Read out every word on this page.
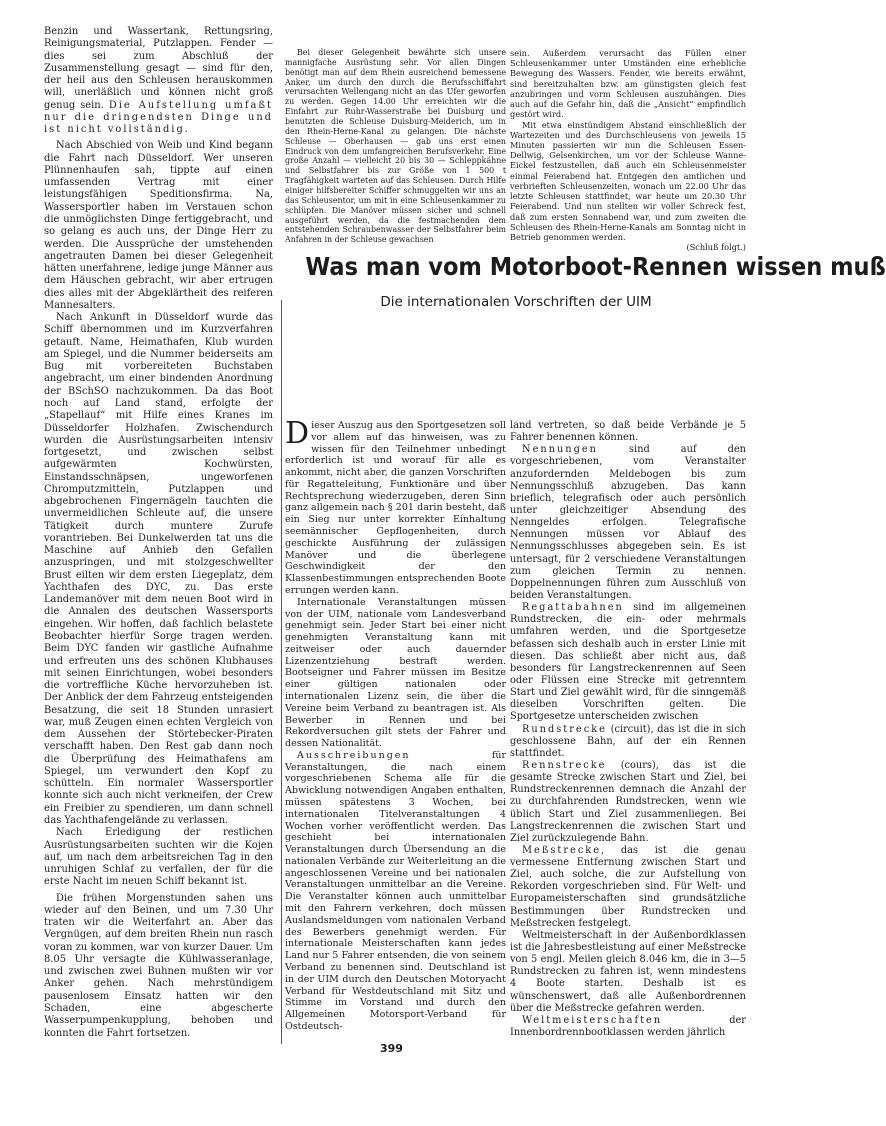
Benzin und Wassertank, Rettungsring, Reinigungsmaterial, Putzlappen. Fender — dies sei zum Abschluß der Zusammenstellung gesagt — sind für den, der heil aus den Schleusen herauskommen will, unerläßlich und können nicht groß genug sein. Die Aufstellung umfaßt nur die dringendsten Dinge und ist nicht vollständig.

Nach Abschied von Weib und Kind begann die Fahrt nach Düsseldorf. Wer unseren Plünnenhaufen sah, tippte auf einen umfassenden Vertrag mit einer leistungsfähigen Speditionsfirma. Na, Wassersportler haben im Verstauen schon die unmöglichsten Dinge fertiggebracht, und so gelang es auch uns, der Dinge Herr zu werden. Die Aussprüche der umstehenden angetrauten Damen bei dieser Gelegenheit hätten unerfahrene, ledige junge Männer aus dem Häuschen gebracht, wir aber ertrugen dies alles mit der Abgeklärtheit des reiferen Mannesalters.

Nach Ankunft in Düsseldorf wurde das Schiff übernommen und im Kurzverfahren getauft. Name, Heimathafen, Klub wurden am Spiegel, und die Nummer beiderseits am Bug mit vorbereiteten Buchstaben angebracht, um einer bindenden Anordnung der BSchSO nachzukommen. Da das Boot noch auf Land stand, erfolgte der „Stapellauf“ mit Hilfe eines Kranes im Düsseldorfer Holzhafen. Zwischendurch wurden die Ausrüstungsarbeiten intensiv fortgesetzt, und zwischen selbst aufgewärmten Kochwürsten, Einstandsschnäpsen, ungeworfenen Chromputzmitteln, Putzlappen und abgebrochenen Fingernägeln tauchten die unvermeidlichen Schleute auf, die unsere Tätigkeit durch muntere Zurufe vorantrieben. Bei Dunkelwerden tat uns die Maschine auf Anhieb den Gefallen anzuspringen, und mit stolzgeschwellter Brust eilten wir dem ersten Liegeplatz, dem Yachthafen des DYC, zu. Das erste Landemanöver mit dem neuen Boot wird in die Annalen des deutschen Wassersports eingehen. Wir hoffen, daß fachlich belastete Beobachter hierfür Sorge tragen werden. Beim DYC fanden wir gastliche Aufnahme und erfreuten uns des schönen Klubhauses mit seinen Einrichtungen, wobei besonders die vortreffliche Küche hervorzuheben ist. Der Anblick der dem Fahrzeug entsteigenden Besatzung, die seit 18 Stunden unrasiert war, muß Zeugen einen echten Vergleich von dem Aussehen der Störtebecker-Piraten verschafft haben. Den Rest gab dann noch die Überprüfung des Heimathafens am Spiegel, um verwundert den Kopf zu schütteln. Ein normaler Wassersportler konnte sich auch nicht verkneifen, der Crew ein Freibier zu spendieren, um dann schnell das Yachthafengelände zu verlassen.

Nach Erledigung der restlichen Ausrüstungsarbeiten suchten wir die Kojen auf, um nach dem arbeitsreichen Tag in den unruhigen Schlaf zu verfallen, der für die erste Nacht im neuen Schiff bekannt ist.

Die frühen Morgenstunden sahen uns wieder auf den Beinen, und um 7.30 Uhr traten wir die Weiterfahrt an. Aber das Vergnügen, auf dem breiten Rhein nun rasch voran zu kommen, war von kurzer Dauer. Um 8.05 Uhr versagte die Kühlwasseranlage, und zwischen zwei Buhnen mußten wir vor Anker gehen. Nach mehrstündigem pausenlosem Einsatz hatten wir den Schaden, eine abgescherte Wasserpumpenkupplung, behoben und konnten die Fahrt fortsetzen.

Bei dieser Gelegenheit bewährte sich unsere mannigfache Ausrüstung sehr. Vor allen Dingen benötigt man auf dem Rhein ausreichend bemessene Anker, um durch den durch die Berufsschiffahrt verursachten Wellengang nicht an das Ufer geworfen zu werden. Gegen 14.00 Uhr erreichten wir die Einfahrt zur Ruhr-Wasserstraße bei Duisburg und benutzten die Schleuse Duisburg-Meiderich, um in den Rhein-Herne-Kanal zu gelangen. Die nächste Schleuse — Oberhausen — gab uns erst einen Eindruck von dem umfangreichen Berufsverkehr. Eine große Anzahl — vielleicht 20 bis 30 — Schleppkähne und Selbstfahrer bis zur Größe von 1 500 t Tragfähigkeit warteten auf das Schleusen. Durch Hilfe einiger hilfsbereiter Schiffer schmuggelten wir uns an das Schleusentor, um mit in eine Schleusenkammer zu schlüpfen. Die Manöver müssen sicher und schnell ausgeführt werden, da die festmachenden dem entstehenden Schraubenwasser der Selbstfahrer beim Anfahren in der Schleuse gewachsen

sein. Außerdem verursacht das Füllen einer Schleusenkammer unter Umständen eine erhebliche Bewegung des Wassers. Fender, wie bereits erwähnt, sind bereitzuhalten bzw. am günstigsten gleich fest anzubringen und vorm Schleusen auszuhängen. Dies auch auf die Gefahr hin, daß die „Ansicht“ empfindlich gestört wird.

Mit etwa einstündigem Abstand einschließlich der Wartezeiten und des Durchschleusens von jeweils 15 Minuten passierten wir nun die Schleusen Essen-Dellwig, Gelsenkirchen, um vor der Schleuse Wanne-Eickel festzustellen, daß auch ein Schleusenmeister einmal Feierabend hat. Entgegen den amtlichen und verbrieften Schleusenzeiten, wonach um 22.00 Uhr das letzte Schleusen stattfindet, war heute um 20.30 Uhr Feierabend. Und nun stellten wir voller Schreck fest, daß zum ersten Sonnabend war, und zum zweiten die Schleusen des Rhein-Herne-Kanals am Sonntag nicht in Betrieb genommen werden.

(Schluß folgt.)

Was man vom Motorboot-Rennen wissen muß
Die internationalen Vorschriften der UIM

Dieser Auszug aus den Sportgesetzen soll vor allem auf das hinweisen, was zu wissen für den Teilnehmer unbedingt erforderlich ist und worauf für alle es ankommt, nicht aber, die ganzen Vorschriften für Regatteleitung, Funktionäre und über Rechtsprechung wiederzugeben, deren Sinn ganz allgemein nach § 201 darin besteht, daß ein Sieg nur unter korrekter Einhaltung seemännischer Gepflogenheiten, durch geschickte Ausführung der zulässigen Manöver und die überlegene Geschwindigkeit der den Klassenbestimmungen entsprechenden Boote errungen werden kann.

Internationale Veranstaltungen müssen von der UIM, nationale vom Landesverband genehmigt sein. Jeder Start bei einer nicht genehmigten Veranstaltung kann mit zeitweiser oder auch dauernder Lizenzentziehung bestraft werden. Bootseigner und Fahrer müssen im Besitze einer gültigen nationalen oder internationalen Lizenz sein, die über die Vereine beim Verband zu beantragen ist. Als Bewerber in Rennen und bei Rekordversuchen gilt stets der Fahrer und dessen Nationalität.

Ausschreibungen für Veranstaltungen, die nach einem vorgeschriebenen Schema alle für die Abwicklung notwendigen Angaben enthalten, müssen spätestens 3 Wochen, bei internationalen Titelveranstaltungen 4 Wochen vorher veröffentlicht werden. Das geschieht bei internationalen Veranstaltungen durch Übersendung an die nationalen Verbände zur Weiterleitung an die angeschlossenen Vereine und bei nationalen Veranstaltungen unmittelbar an die Vereine. Die Veranstalter können auch unmittelbar mit den Fahrern verkehren, doch müssen Auslandsmeldungen vom nationalen Verband des Bewerbers genehmigt werden. Für internationale Meisterschaften kann jedes Land nur 5 Fahrer entsenden, die von seinem Verband zu benennen sind. Deutschland ist in der UIM durch den Deutschen Motoryacht Verband für Westdeutschland mit Sitz und Stimme im Vorstand und durch den Allgemeinen Motorsport-Verband für Ostdeutsch-

land vertreten, so daß beide Verbände je 5 Fahrer benennen können.

Nennungen sind auf den vorgeschriebenen, vom Veranstalter anzufordernden Meldebogen bis zum Nennungsschluß abzugeben. Das kann brieflich, telegrafisch oder auch persönlich unter gleichzeitiger Absendung des Nenngeldes erfolgen. Telegrafische Nennungen müssen vor Ablauf des Nennungsschlusses abgegeben sein. Es ist untersagt, für 2 verschiedene Veranstaltungen zum gleichen Termin zu nennen. Doppelnennungen führen zum Ausschluß von beiden Veranstaltungen.

Regattabahnen sind im allgemeinen Rundstrecken, die ein- oder mehrmals umfahren werden, und die Sportgesetze befassen sich deshalb auch in erster Linie mit diesen. Das schließt aber nicht aus, daß besonders für Langstreckenrennen auf Seen oder Flüssen eine Strecke mit getrenntem Start und Ziel gewählt wird, für die sinngemäß dieselben Vorschriften gelten. Die Sportgesetze unterscheiden zwischen

Rundstrecke (circuit), das ist die in sich geschlossene Bahn, auf der ein Rennen stattfindet.

Rennstrecke (cours), das ist die gesamte Strecke zwischen Start und Ziel, bei Rundstreckenrennen demnach die Anzahl der zu durchfahrenden Rundstrecken, wenn wie üblich Start und Ziel zusammenliegen. Bei Langstreckenrennen die zwischen Start und Ziel zurückzulegende Bahn.

Meßstrecke, das ist die genau vermessene Entfernung zwischen Start und Ziel, auch solche, die zur Aufstellung von Rekorden vorgeschrieben sind. Für Welt- und Europameisterschaften sind grundsätzliche Bestimmungen über Rundstrecken und Meßstrecken festgelegt.

Weltmeisterschaft in der Außenbordklassen ist die Jahresbestleistung auf einer Meßstrecke von 5 engl. Meilen gleich 8.046 km, die in 3—5 Rundstrecken zu fahren ist, wenn mindestens 4 Boote starten. Deshalb ist es wünschenswert, daß alle Außenbordrennen über die Meßstrecke gefahren werden.

Weltmeisterschaften der Innenbordrennbootklassen werden jährlich

399
